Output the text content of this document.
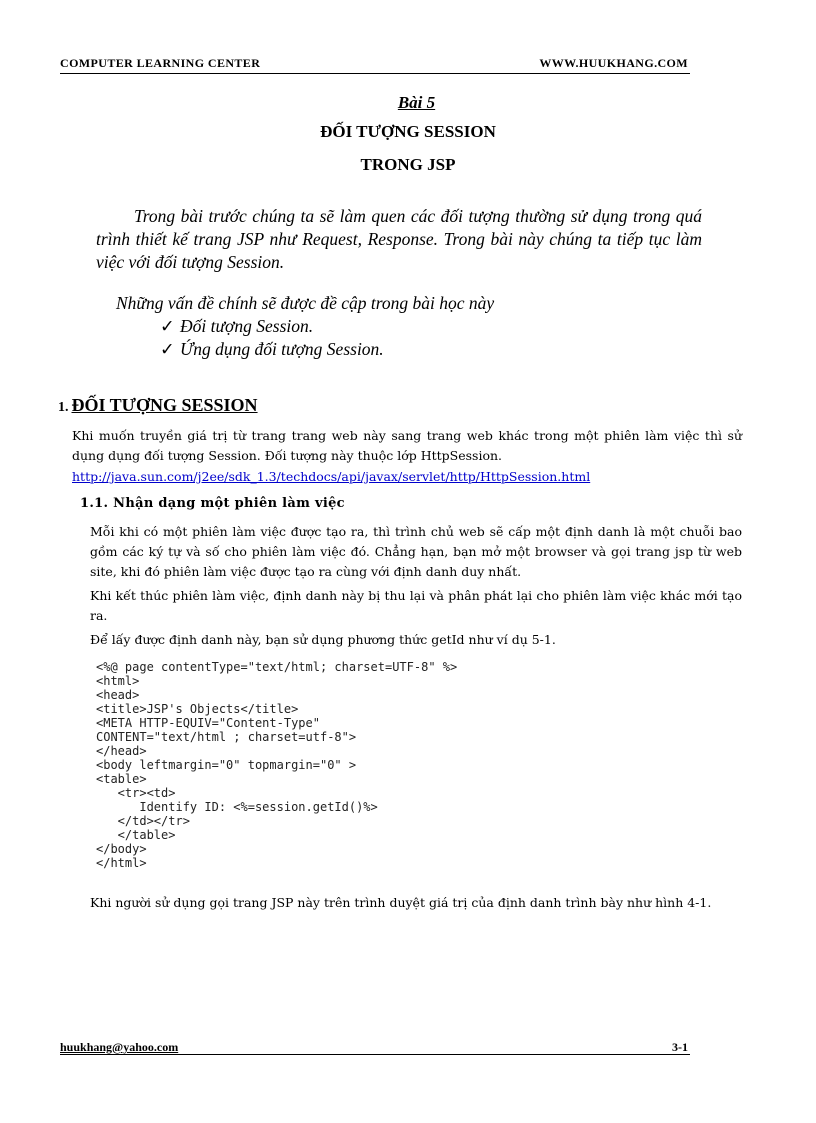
COMPUTER LEARNING CENTER	WWW.HUUKHANG.COM
Bài 5
ĐỐI TƯỢNG SESSION
TRONG JSP

Trong bài trước chúng ta sẽ làm quen các đối tượng thường sử dụng trong quá trình thiết kế trang JSP như Request, Response. Trong bài này chúng ta tiếp tục làm việc với đối tượng Session.

Những vấn đề chính sẽ được đề cập trong bài học này
✓ Đối tượng Session.
✓ Ứng dụng đối tượng Session.
1. ĐỐI TƯỢNG SESSION

Khi muốn truyền giá trị từ trang trang web này sang trang web khác trong một phiên làm việc thì sử dụng dụng đối tượng Session. Đối tượng này thuộc lớp HttpSession.

http://java.sun.com/j2ee/sdk_1.3/techdocs/api/javax/servlet/http/HttpSession.html
1.1. Nhận dạng một phiên làm việc

Mỗi khi có một phiên làm việc được tạo ra, thì trình chủ web sẽ cấp một định danh là một chuỗi bao gồm các ký tự và số cho phiên làm việc đó. Chẳng hạn, bạn mở một browser và gọi trang jsp từ web site, khi đó phiên làm việc được tạo ra cùng với định danh duy nhất.

Khi kết thúc phiên làm việc, định danh này bị thu lại và phân phát lại cho phiên làm việc khác mới tạo ra.

Để lấy được định danh này, bạn sử dụng phương thức getId như ví dụ 5-1.

<%@ page contentType="text/html; charset=UTF-8" %>
<html>
<head>
<title>JSP's Objects</title>
<META HTTP-EQUIV="Content-Type"
CONTENT="text/html ; charset=utf-8">
</head>
<body leftmargin="0" topmargin="0" >
<table>
<tr><td>
Identify ID: <%=session.getId()%>
</td></tr>
</table>
</body>
</html>

Khi người sử dụng gọi trang JSP này trên trình duyệt giá trị của định danh trình bày như hình 4-1.

huukhang@yahoo.com	3-1
